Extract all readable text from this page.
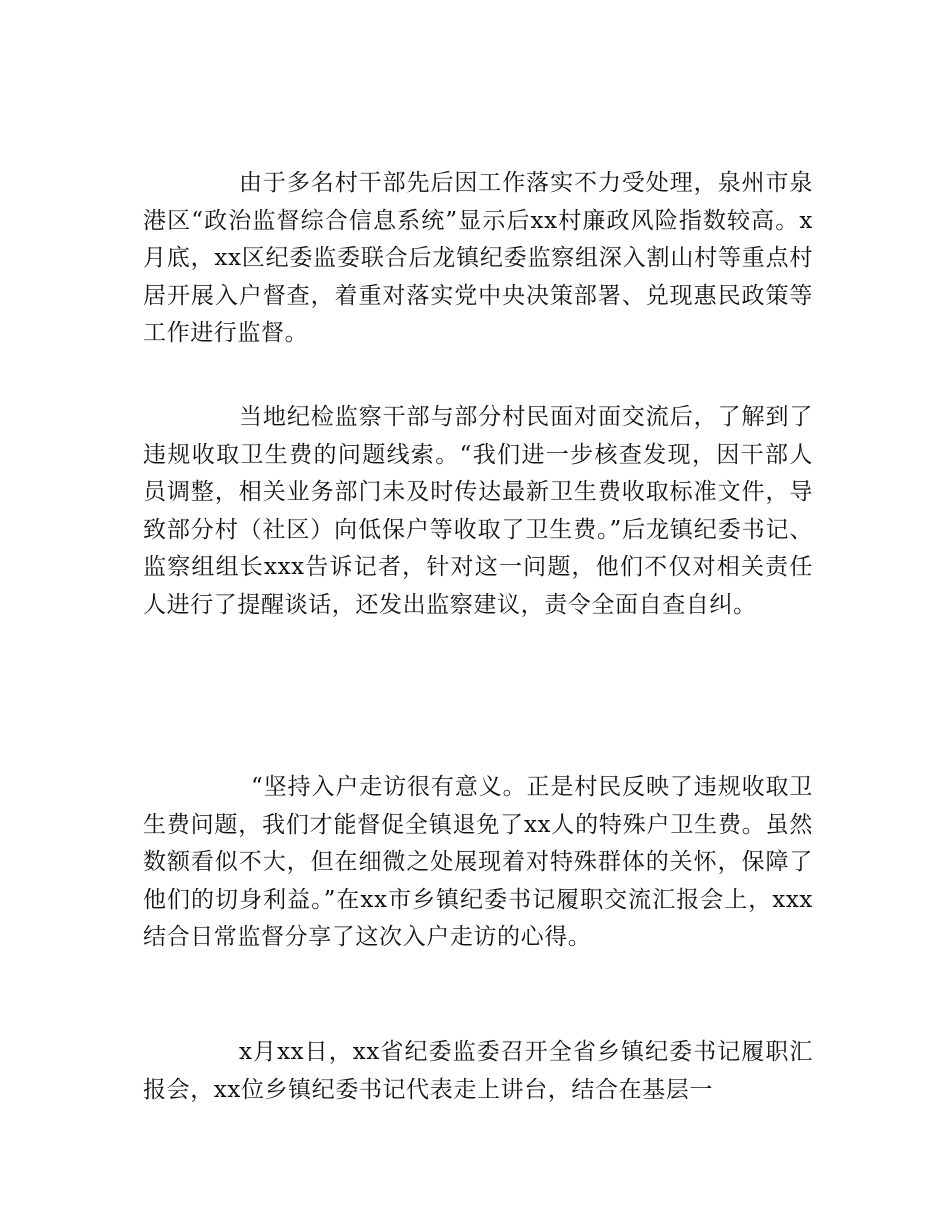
由于多名村干部先后因工作落实不力受处理，泉州市泉港区“政治监督综合信息系统”显示后xx村廉政风险指数较高。x月底，xx区纪委监委联合后龙镇纪委监察组深入割山村等重点村居开展入户督查，着重对落实党中央决策部署、兑现惠民政策等工作进行监督。

当地纪检监察干部与部分村民面对面交流后，了解到了违规收取卫生费的问题线索。“我们进一步核查发现，因干部人员调整，相关业务部门未及时传达最新卫生费收取标准文件，导致部分村（社区）向低保户等收取了卫生费。”后龙镇纪委书记、监察组组长xxx告诉记者，针对这一问题，他们不仅对相关责任人进行了提醒谈话，还发出监察建议，责令全面自查自纠。

“坚持入户走访很有意义。正是村民反映了违规收取卫生费问题，我们才能督促全镇退免了xx人的特殊户卫生费。虽然数额看似不大，但在细微之处展现着对特殊群体的关怀，保障了他们的切身利益。”在xx市乡镇纪委书记履职交流汇报会上，xxx结合日常监督分享了这次入户走访的心得。

x月xx日，xx省纪委监委召开全省乡镇纪委书记履职汇报会，xx位乡镇纪委书记代表走上讲台，结合在基层一
